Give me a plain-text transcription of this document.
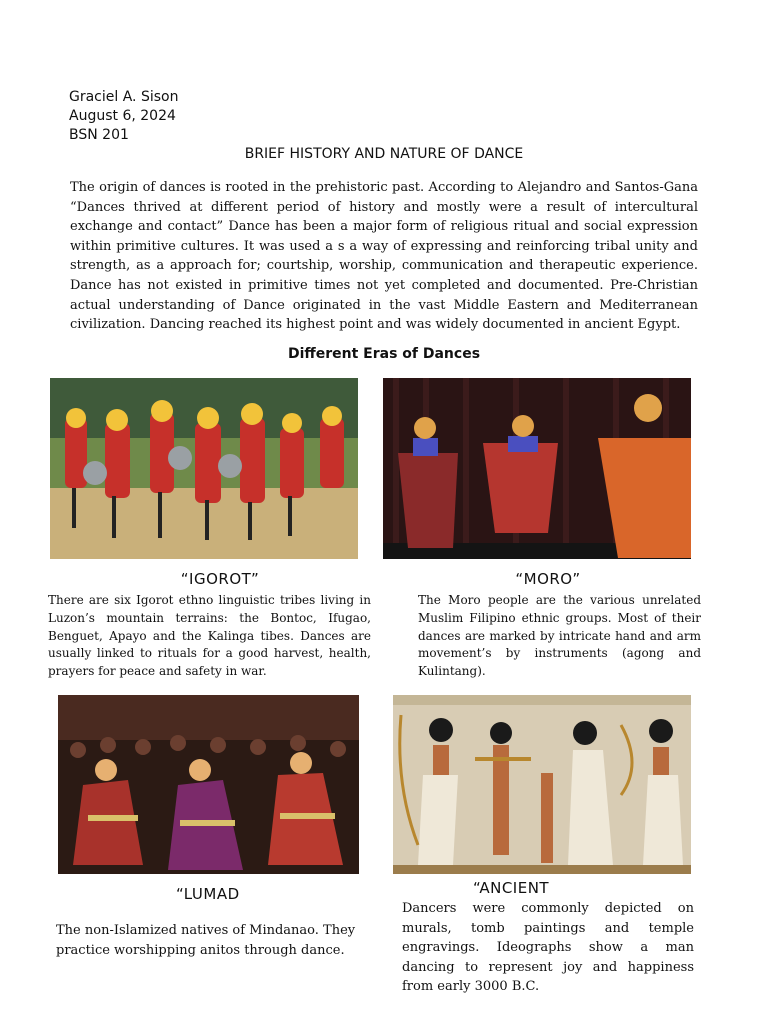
Graciel A. Sison
August 6, 2024
BSN 201
BRIEF HISTORY AND NATURE OF DANCE
The origin of dances is rooted in the prehistoric past. According to Alejandro and Santos-Gana “Dances thrived at different period of history and mostly were a result of intercultural exchange and contact” Dance has been a major form of religious ritual and social expression within primitive cultures. It was used a s a way of expressing and reinforcing tribal unity and strength, as a approach for; courtship, worship, communication and therapeutic experience. Dance has not existed in primitive times not yet completed and documented. Pre-Christian actual understanding of Dance originated in the vast Middle Eastern and Mediterranean civilization. Dancing reached its highest point and was widely documented in ancient Egypt.
Different Eras of Dances
“IGOROT”	“MORO”
There are six Igorot ethno linguistic tribes living in Luzon’s mountain terrains: the Bontoc, Ifugao, Benguet, Apayo and the Kalinga tibes. Dances are usually linked to rituals for a good harvest, health, prayers for peace and safety in war.
The Moro people are the various unrelated Muslim Filipino ethnic groups. Most of their dances are marked by intricate hand and arm movement’s by instruments (agong and Kulintang).
“LUMAD	“ANCIENT
The non-Islamized natives of Mindanao. They practice worshipping anitos through dance.
Dancers were commonly depicted on murals, tomb paintings and temple engravings. Ideographs show a man dancing to represent joy and happiness from early 3000 B.C.
